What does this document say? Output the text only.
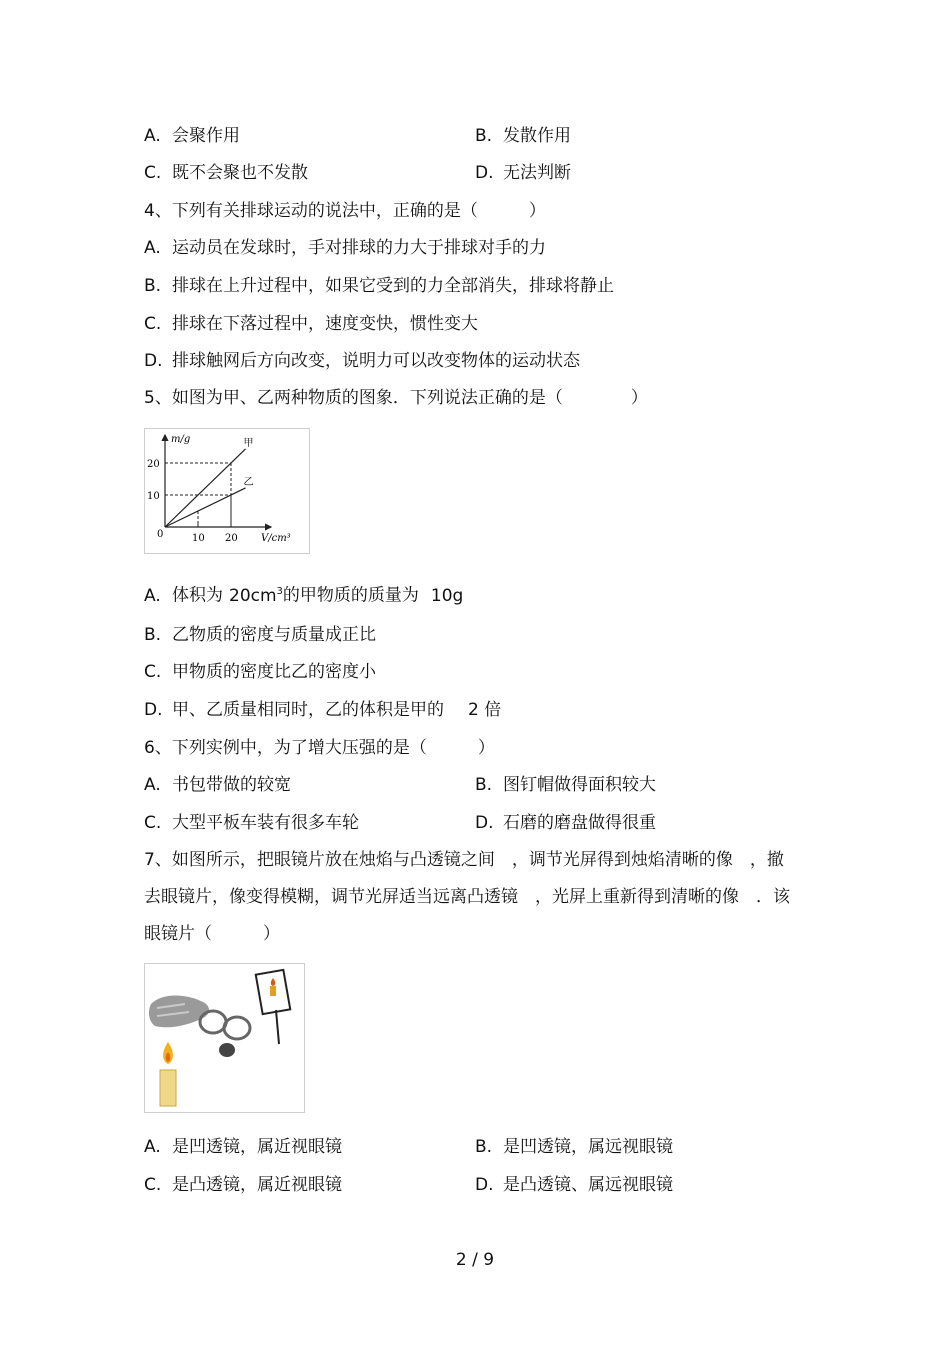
A. 会聚作用	B. 发散作用
C. 既不会聚也不发散	D. 无法判断
4、下列有关排球运动的说法中，正确的是（　　　）
A. 运动员在发球时，手对排球的力大于排球对手的力
B. 排球在上升过程中，如果它受到的力全部消失，排球将静止
C. 排球在下落过程中，速度变快，惯性变大
D. 排球触网后方向改变，说明力可以改变物体的运动状态
5、如图为甲、乙两种物质的图象．下列说法正确的是（　　　　）
10 20
10
20
甲
乙
m/g
V/cm³
0
A. 体积为 $20cm^3$的甲物质的质量为 10g
B. 乙物质的密度与质量成正比
C. 甲物质的密度比乙的密度小
D. 甲、乙质量相同时，乙的体积是甲的 2 倍
6、下列实例中，为了增大压强的是（　　　）
A. 书包带做的较宽	B. 图钉帽做得面积较大
C. 大型平板车装有很多车轮	D. 石磨的磨盘做得很重
7、如图所示，把眼镜片放在烛焰与凸透镜之间　，调节光屏得到烛焰清晰的像　，撤
去眼镜片，像变得模糊，调节光屏适当远离凸透镜　，光屏上重新得到清晰的像　．该
眼镜片（　　　）
A. 是凹透镜，属近视眼镜	B. 是凹透镜，属远视眼镜
C. 是凸透镜，属近视眼镜	D. 是凸透镜、属远视眼镜
2 / 9
